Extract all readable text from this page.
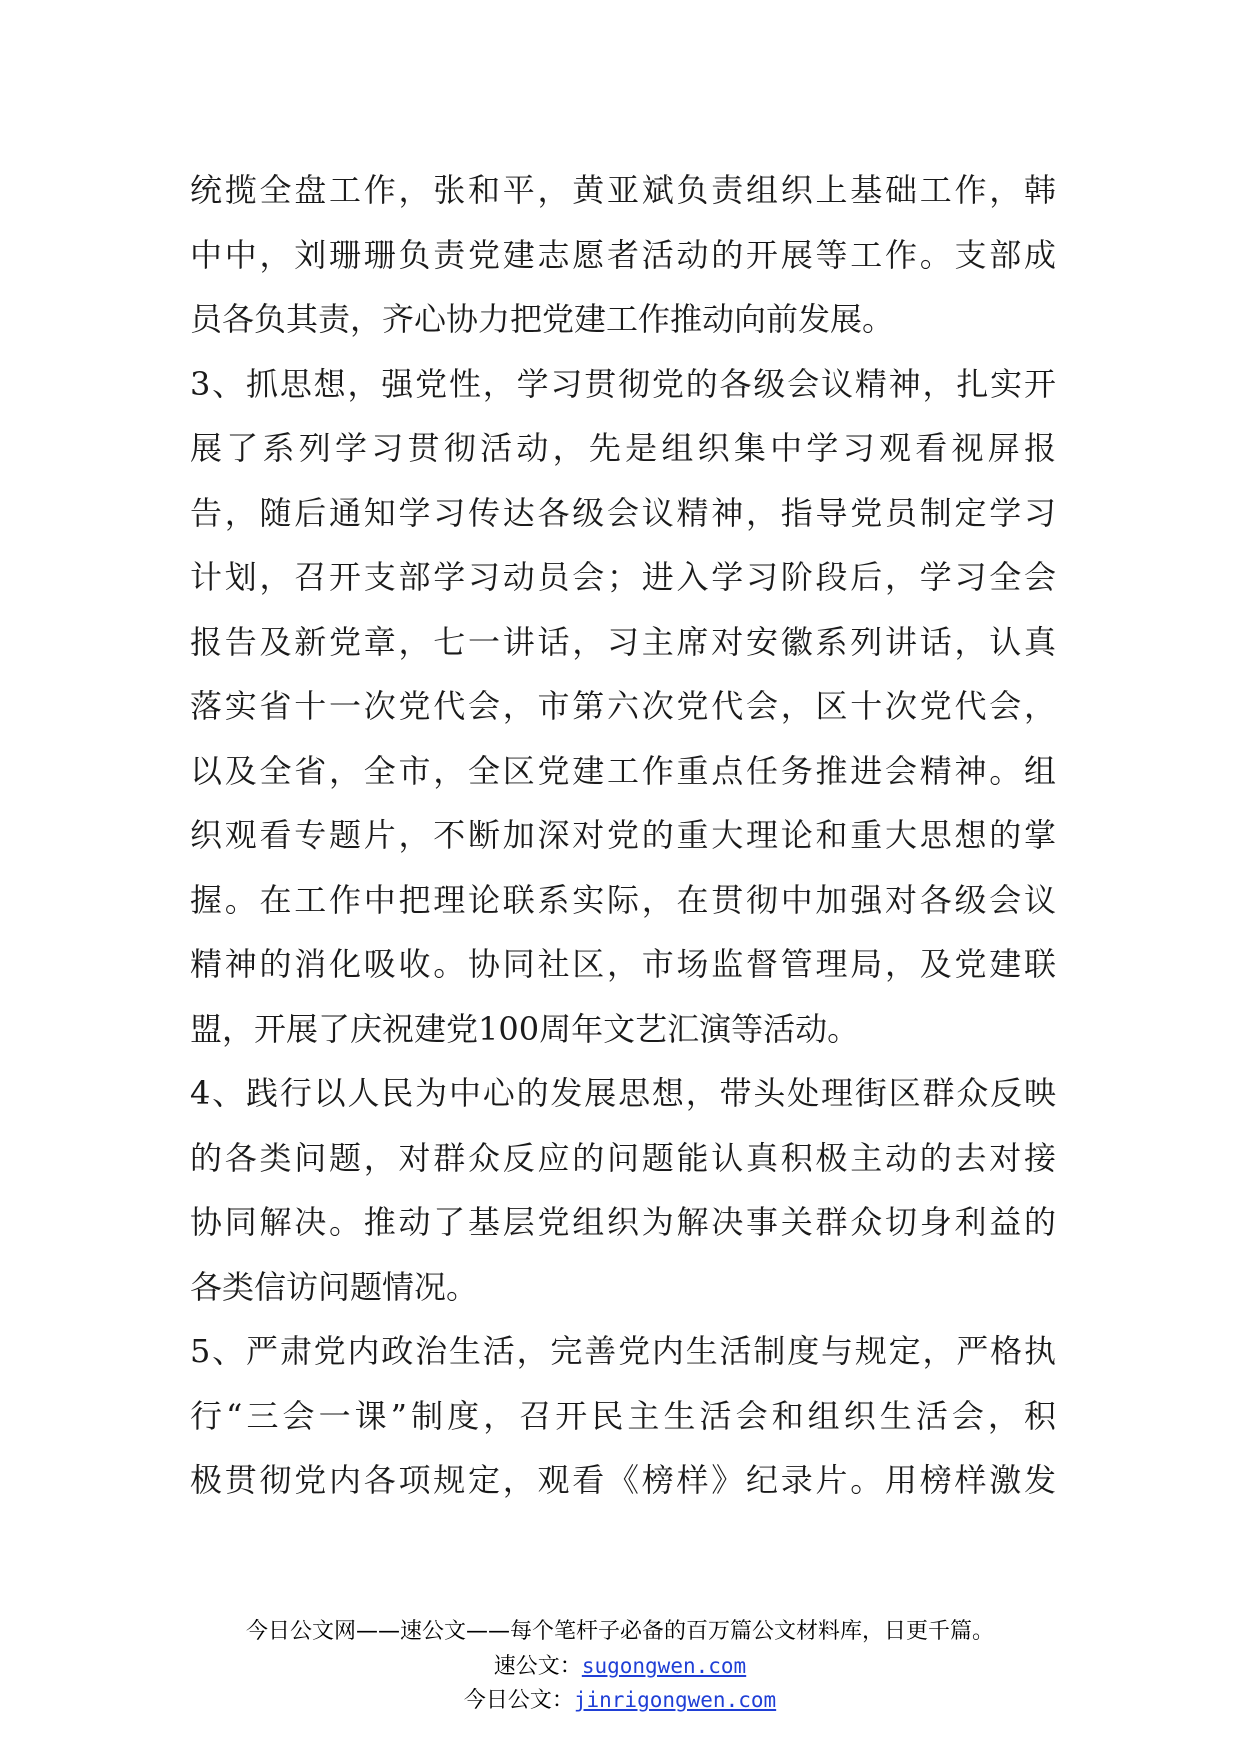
统揽全盘工作，张和平，黄亚斌负责组织上基础工作，韩
中中，刘珊珊负责党建志愿者活动的开展等工作。支部成
员各负其责，齐心协力把党建工作推动向前发展。
3、抓思想，强党性，学习贯彻党的各级会议精神，扎实开
展了系列学习贯彻活动，先是组织集中学习观看视屏报
告，随后通知学习传达各级会议精神，指导党员制定学习
计划，召开支部学习动员会；进入学习阶段后，学习全会
报告及新党章，七一讲话，习主席对安徽系列讲话，认真
落实省十一次党代会，市第六次党代会，区十次党代会，
以及全省，全市，全区党建工作重点任务推进会精神。组
织观看专题片，不断加深对党的重大理论和重大思想的掌
握。在工作中把理论联系实际，在贯彻中加强对各级会议
精神的消化吸收。协同社区，市场监督管理局，及党建联
盟，开展了庆祝建党100周年文艺汇演等活动。
4、践行以人民为中心的发展思想，带头处理街区群众反映
的各类问题，对群众反应的问题能认真积极主动的去对接
协同解决。推动了基层党组织为解决事关群众切身利益的
各类信访问题情况。
5、严肃党内政治生活，完善党内生活制度与规定，严格执
行“三会一课”制度，召开民主生活会和组织生活会，积
极贯彻党内各项规定，观看《榜样》纪录片。用榜样激发
今日公文网——速公文——每个笔杆子必备的百万篇公文材料库，日更千篇。
速公文：sugongwen.com
今日公文：jinrigongwen.com
